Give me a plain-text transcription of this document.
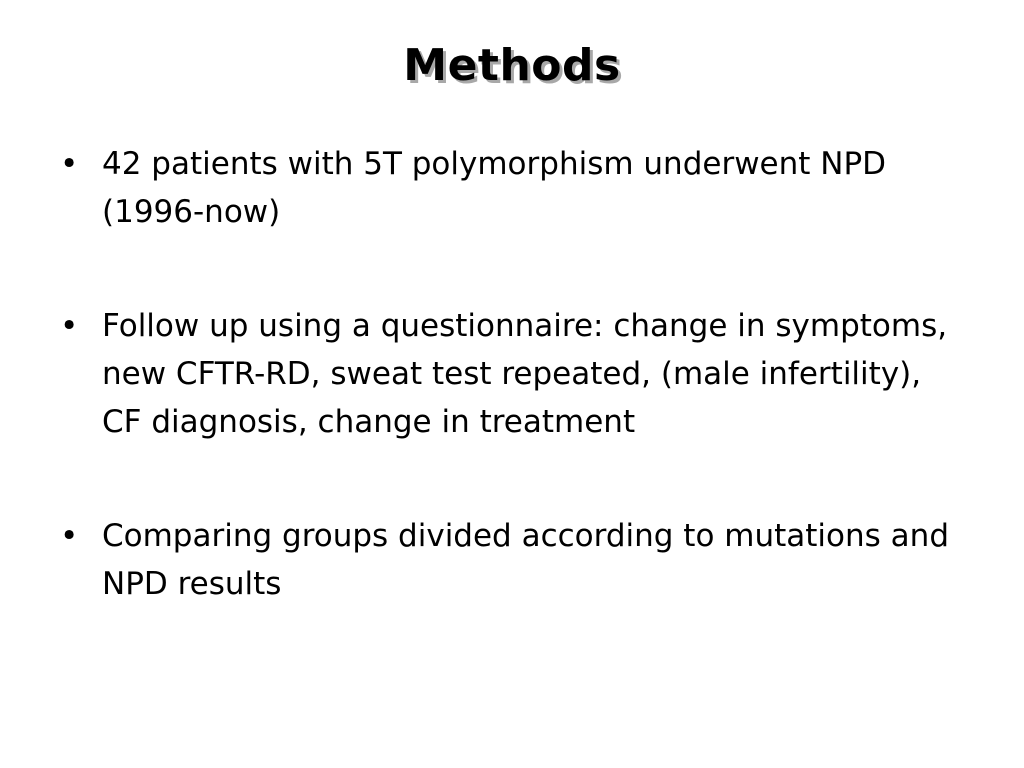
Methods
• 42 patients with 5T polymorphism underwent NPD (1996-now)
• Follow up using a questionnaire: change in symptoms, new CFTR-RD, sweat test repeated, (male infertility), CF diagnosis, change in treatment
• Comparing groups divided according to mutations and NPD results
